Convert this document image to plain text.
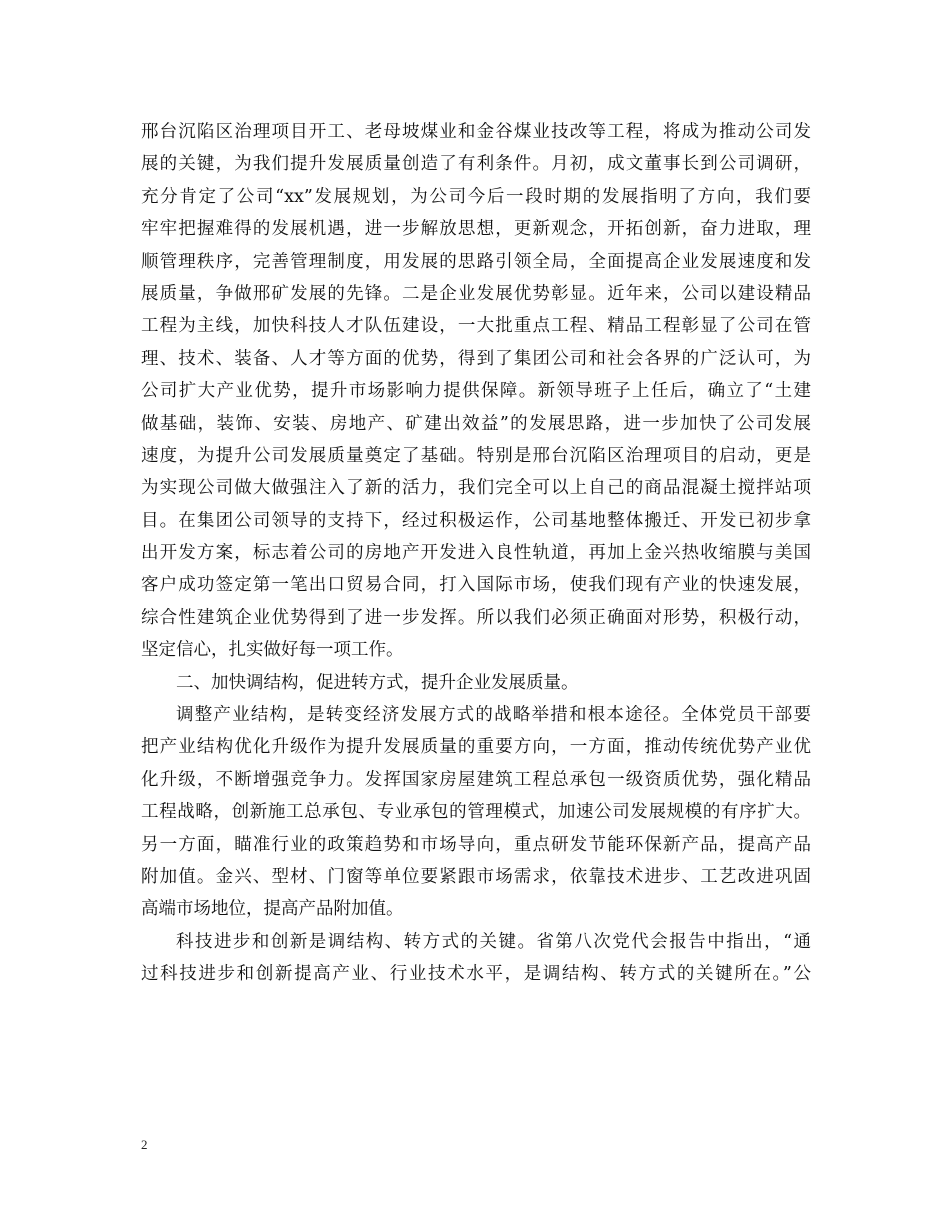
邢台沉陷区治理项目开工、老母坡煤业和金谷煤业技改等工程，将成为推动公司发
展的关键，为我们提升发展质量创造了有利条件。月初，成文董事长到公司调研，
充分肯定了公司“xx”发展规划，为公司今后一段时期的发展指明了方向，我们要
牢牢把握难得的发展机遇，进一步解放思想，更新观念，开拓创新，奋力进取，理
顺管理秩序，完善管理制度，用发展的思路引领全局，全面提高企业发展速度和发
展质量，争做邢矿发展的先锋。二是企业发展优势彰显。近年来，公司以建设精品
工程为主线，加快科技人才队伍建设，一大批重点工程、精品工程彰显了公司在管
理、技术、装备、人才等方面的优势，得到了集团公司和社会各界的广泛认可，为
公司扩大产业优势，提升市场影响力提供保障。新领导班子上任后，确立了“土建
做基础，装饰、安装、房地产、矿建出效益”的发展思路，进一步加快了公司发展
速度，为提升公司发展质量奠定了基础。特别是邢台沉陷区治理项目的启动，更是
为实现公司做大做强注入了新的活力，我们完全可以上自己的商品混凝土搅拌站项
目。在集团公司领导的支持下，经过积极运作，公司基地整体搬迁、开发已初步拿
出开发方案，标志着公司的房地产开发进入良性轨道，再加上金兴热收缩膜与美国
客户成功签定第一笔出口贸易合同，打入国际市场，使我们现有产业的快速发展，
综合性建筑企业优势得到了进一步发挥。所以我们必须正确面对形势，积极行动，
坚定信心，扎实做好每一项工作。
二、加快调结构，促进转方式，提升企业发展质量。
调整产业结构，是转变经济发展方式的战略举措和根本途径。全体党员干部要
把产业结构优化升级作为提升发展质量的重要方向，一方面，推动传统优势产业优
化升级，不断增强竞争力。发挥国家房屋建筑工程总承包一级资质优势，强化精品
工程战略，创新施工总承包、专业承包的管理模式，加速公司发展规模的有序扩大。
另一方面，瞄准行业的政策趋势和市场导向，重点研发节能环保新产品，提高产品
附加值。金兴、型材、门窗等单位要紧跟市场需求，依靠技术进步、工艺改进巩固
高端市场地位，提高产品附加值。
科技进步和创新是调结构、转方式的关键。省第八次党代会报告中指出，“通
过科技进步和创新提高产业、行业技术水平，是调结构、转方式的关键所在。”公
2
